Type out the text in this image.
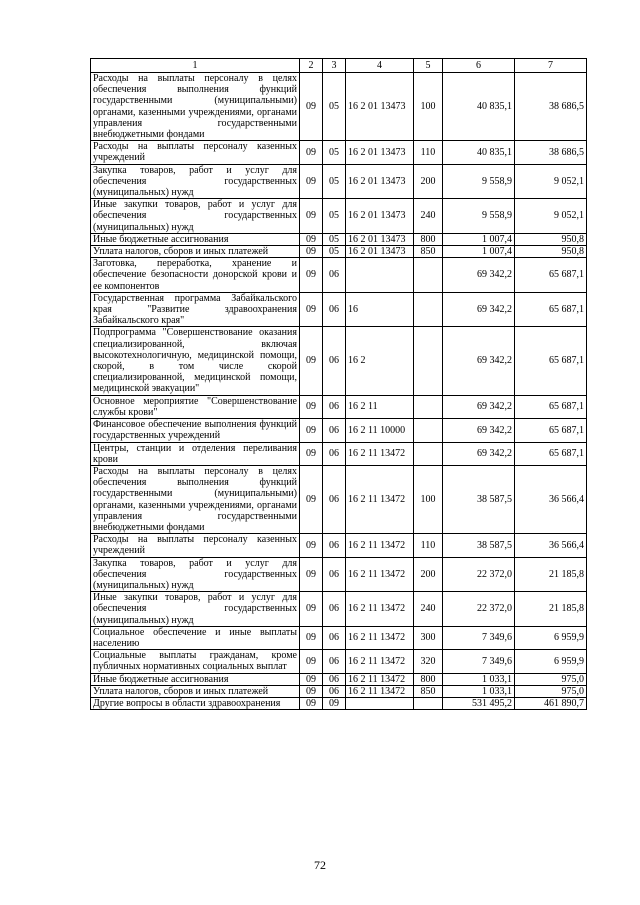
1	2	3	4	5	6	7
Расходы на выплаты персоналу в целях обеспечения выполнения функций государственными (муниципальными) органами, казенными учреждениями, органами управления государственными внебюджетными фондами	09	05	16 2 01 13473	100	40 835,1	38 686,5
Расходы на выплаты персоналу казенных учреждений	09	05	16 2 01 13473	110	40 835,1	38 686,5
Закупка товаров, работ и услуг для обеспечения государственных (муниципальных) нужд	09	05	16 2 01 13473	200	9 558,9	9 052,1
Иные закупки товаров, работ и услуг для обеспечения государственных (муниципальных) нужд	09	05	16 2 01 13473	240	9 558,9	9 052,1
Иные бюджетные ассигнования	09	05	16 2 01 13473	800	1 007,4	950,8
Уплата налогов, сборов и иных платежей	09	05	16 2 01 13473	850	1 007,4	950,8
Заготовка, переработка, хранение и обеспечение безопасности донорской крови и ее компонентов	09	06			69 342,2	65 687,1
Государственная программа Забайкальского края "Развитие здравоохранения Забайкальского края"	09	06	16		69 342,2	65 687,1
Подпрограмма "Совершенствование оказания специализированной, включая высокотехнологичную, медицинской помощи, скорой, в том числе скорой специализированной, медицинской помощи, медицинской эвакуации"	09	06	16 2		69 342,2	65 687,1
Основное мероприятие "Совершенствование службы крови"	09	06	16 2 11		69 342,2	65 687,1
Финансовое обеспечение выполнения функций государственных учреждений	09	06	16 2 11 10000		69 342,2	65 687,1
Центры, станции и отделения переливания крови	09	06	16 2 11 13472		69 342,2	65 687,1
Расходы на выплаты персоналу в целях обеспечения выполнения функций государственными (муниципальными) органами, казенными учреждениями, органами управления государственными внебюджетными фондами	09	06	16 2 11 13472	100	38 587,5	36 566,4
Расходы на выплаты персоналу казенных учреждений	09	06	16 2 11 13472	110	38 587,5	36 566,4
Закупка товаров, работ и услуг для обеспечения государственных (муниципальных) нужд	09	06	16 2 11 13472	200	22 372,0	21 185,8
Иные закупки товаров, работ и услуг для обеспечения государственных (муниципальных) нужд	09	06	16 2 11 13472	240	22 372,0	21 185,8
Социальное обеспечение и иные выплаты населению	09	06	16 2 11 13472	300	7 349,6	6 959,9
Социальные выплаты гражданам, кроме публичных нормативных социальных выплат	09	06	16 2 11 13472	320	7 349,6	6 959,9
Иные бюджетные ассигнования	09	06	16 2 11 13472	800	1 033,1	975,0
Уплата налогов, сборов и иных платежей	09	06	16 2 11 13472	850	1 033,1	975,0
Другие вопросы в области здравоохранения	09	09			531 495,2	461 890,7
72
